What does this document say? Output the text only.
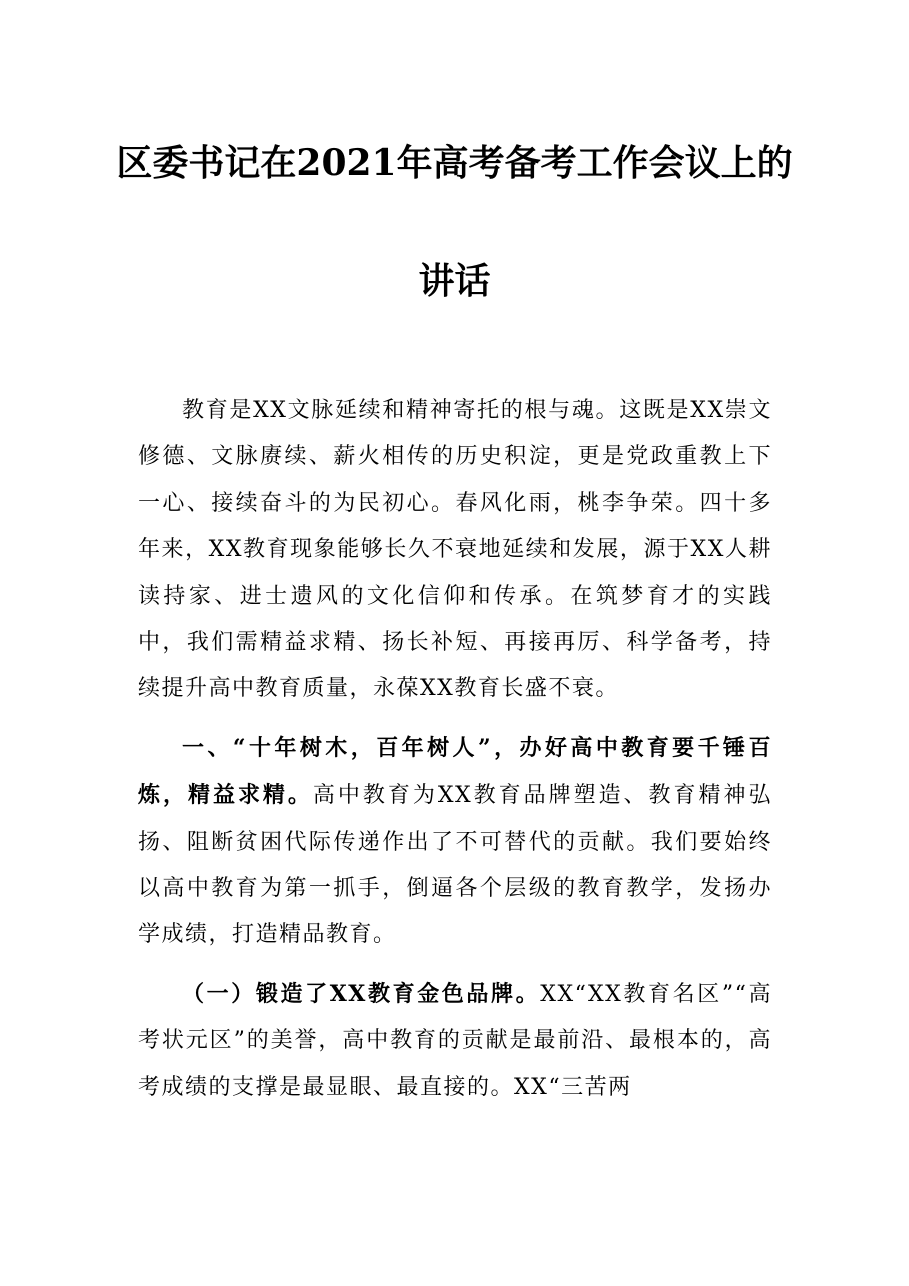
区委书记在2021年高考备考工作会议上的
讲话

教育是XX文脉延续和精神寄托的根与魂。这既是XX崇文修德、文脉赓续、薪火相传的历史积淀，更是党政重教上下一心、接续奋斗的为民初心。春风化雨，桃李争荣。四十多年来，XX教育现象能够长久不衰地延续和发展，源于XX人耕读持家、进士遗风的文化信仰和传承。在筑梦育才的实践中，我们需精益求精、扬长补短、再接再厉、科学备考，持续提升高中教育质量，永葆XX教育长盛不衰。

一、“十年树木，百年树人”，办好高中教育要千锤百炼，精益求精。高中教育为XX教育品牌塑造、教育精神弘扬、阻断贫困代际传递作出了不可替代的贡献。我们要始终以高中教育为第一抓手，倒逼各个层级的教育教学，发扬办学成绩，打造精品教育。

（一）锻造了XX教育金色品牌。XX“XX教育名区”“高考状元区”的美誉，高中教育的贡献是最前沿、最根本的，高考成绩的支撑是最显眼、最直接的。XX“三苦两
